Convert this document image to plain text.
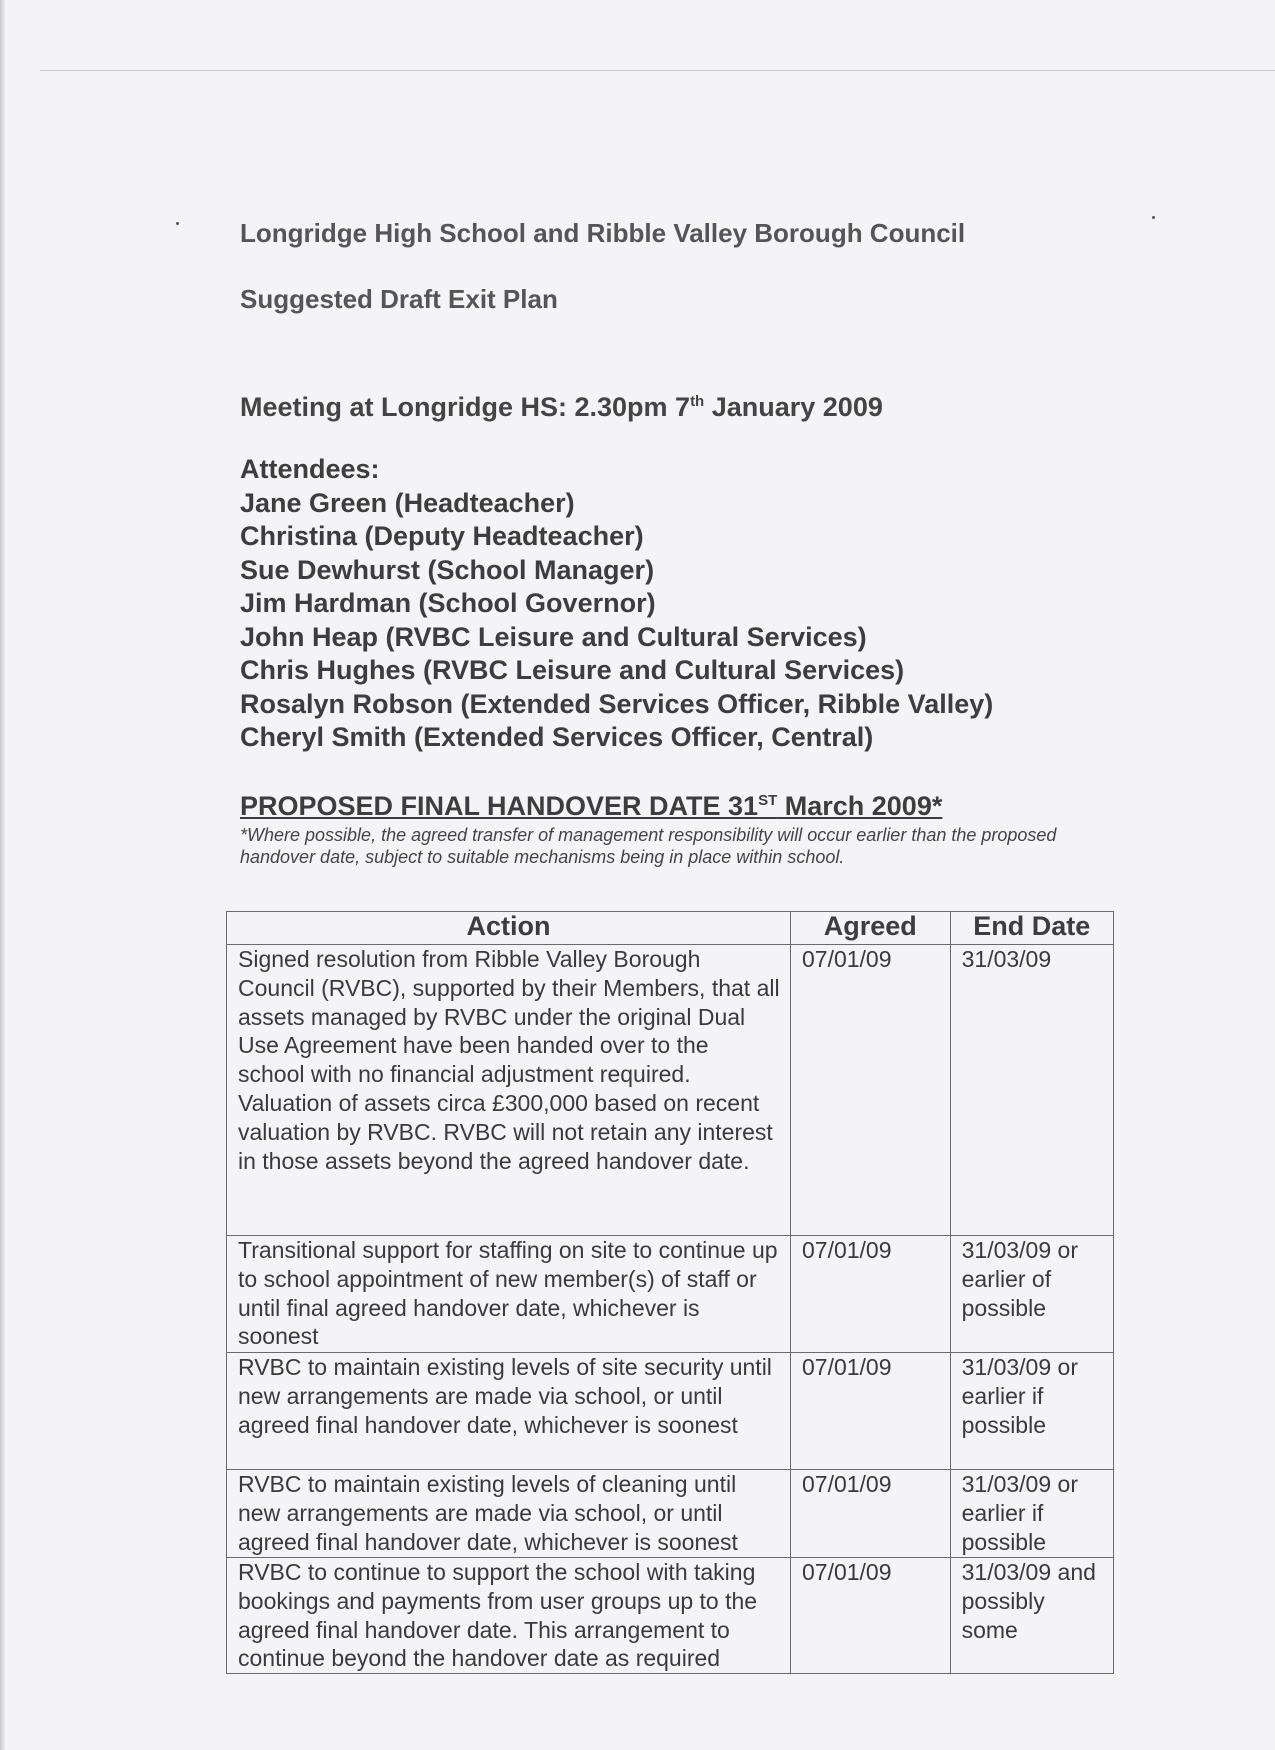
Longridge High School and Ribble Valley Borough Council
Suggested Draft Exit Plan
Meeting at Longridge HS: 2.30pm 7th January 2009
Attendees:
Jane Green (Headteacher)
Christina (Deputy Headteacher)
Sue Dewhurst (School Manager)
Jim Hardman (School Governor)
John Heap (RVBC Leisure and Cultural Services)
Chris Hughes (RVBC Leisure and Cultural Services)
Rosalyn Robson (Extended Services Officer, Ribble Valley)
Cheryl Smith (Extended Services Officer, Central)
PROPOSED FINAL HANDOVER DATE 31ST March 2009*
*Where possible, the agreed transfer of management responsibility will occur earlier than the proposed handover date, subject to suitable mechanisms being in place within school.
Action	Agreed	End Date
Signed resolution from Ribble Valley Borough Council (RVBC), supported by their Members, that all assets managed by RVBC under the original Dual Use Agreement have been handed over to the school with no financial adjustment required. Valuation of assets circa £300,000 based on recent valuation by RVBC. RVBC will not retain any interest in those assets beyond the agreed handover date.	07/01/09	31/03/09
Transitional support for staffing on site to continue up to school appointment of new member(s) of staff or until final agreed handover date, whichever is soonest	07/01/09	31/03/09 or earlier of possible
RVBC to maintain existing levels of site security until new arrangements are made via school, or until agreed final handover date, whichever is soonest	07/01/09	31/03/09 or earlier if possible
RVBC to maintain existing levels of cleaning until new arrangements are made via school, or until agreed final handover date, whichever is soonest	07/01/09	31/03/09 or earlier if possible
RVBC to continue to support the school with taking bookings and payments from user groups up to the agreed final handover date. This arrangement to continue beyond the handover date as required	07/01/09	31/03/09 and possibly some
